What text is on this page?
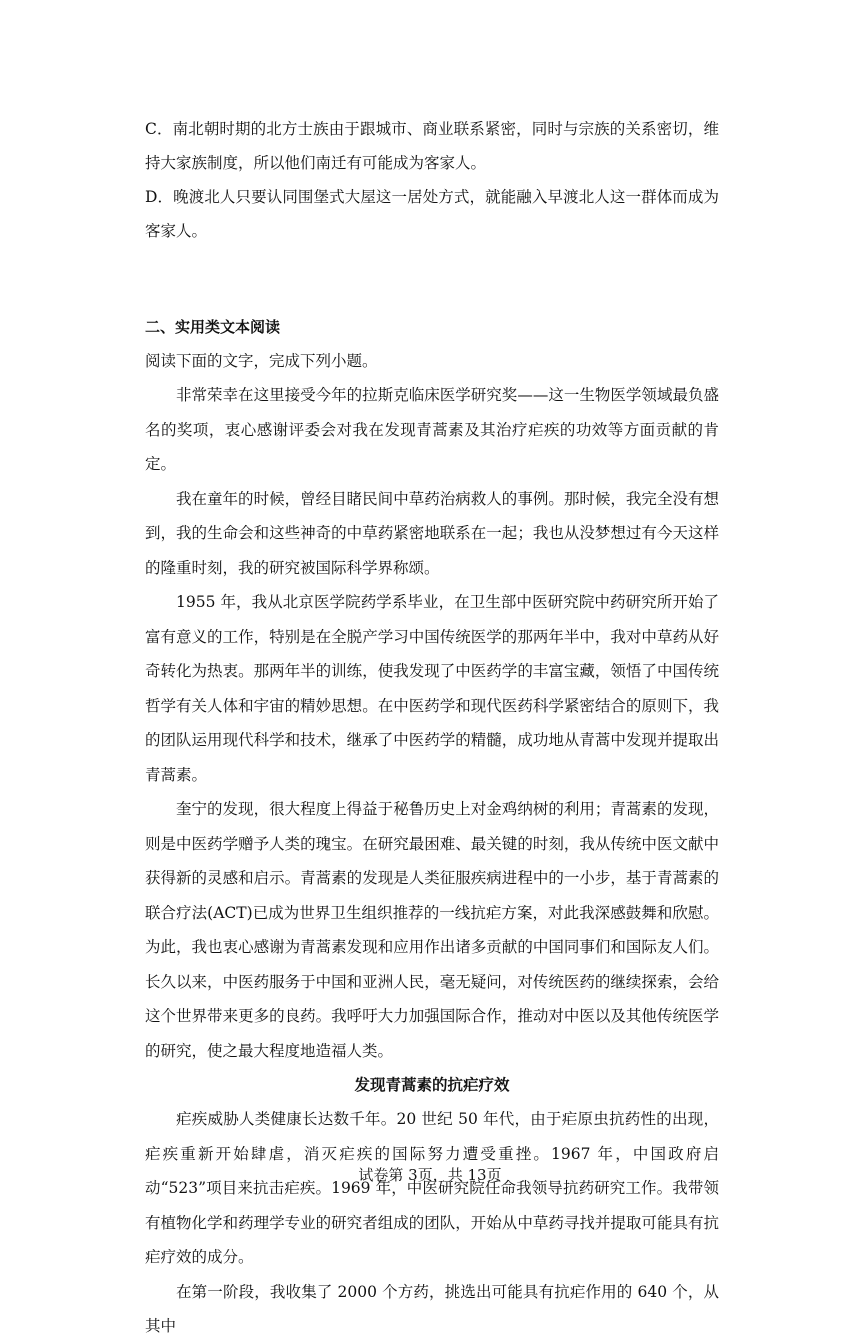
C．南北朝时期的北方士族由于跟城市、商业联系紧密，同时与宗族的关系密切，维持大家族制度，所以他们南迁有可能成为客家人。

D．晚渡北人只要认同围堡式大屋这一居处方式，就能融入早渡北人这一群体而成为客家人。

二、实用类文本阅读

阅读下面的文字，完成下列小题。

非常荣幸在这里接受今年的拉斯克临床医学研究奖——这一生物医学领域最负盛名的奖项，衷心感谢评委会对我在发现青蒿素及其治疗疟疾的功效等方面贡献的肯定。

我在童年的时候，曾经目睹民间中草药治病救人的事例。那时候，我完全没有想到，我的生命会和这些神奇的中草药紧密地联系在一起；我也从没梦想过有今天这样的隆重时刻，我的研究被国际科学界称颂。

1955 年，我从北京医学院药学系毕业，在卫生部中医研究院中药研究所开始了富有意义的工作，特别是在全脱产学习中国传统医学的那两年半中，我对中草药从好奇转化为热衷。那两年半的训练，使我发现了中医药学的丰富宝藏，领悟了中国传统哲学有关人体和宇宙的精妙思想。在中医药学和现代医药科学紧密结合的原则下，我的团队运用现代科学和技术，继承了中医药学的精髓，成功地从青蒿中发现并提取出青蒿素。

奎宁的发现，很大程度上得益于秘鲁历史上对金鸡纳树的利用；青蒿素的发现，则是中医药学赠予人类的瑰宝。在研究最困难、最关键的时刻，我从传统中医文献中获得新的灵感和启示。青蒿素的发现是人类征服疾病进程中的一小步，基于青蒿素的联合疗法(ACT)已成为世界卫生组织推荐的一线抗疟方案，对此我深感鼓舞和欣慰。为此，我也衷心感谢为青蒿素发现和应用作出诸多贡献的中国同事们和国际友人们。长久以来，中医药服务于中国和亚洲人民，毫无疑问，对传统医药的继续探索，会给这个世界带来更多的良药。我呼吁大力加强国际合作，推动对中医以及其他传统医学的研究，使之最大程度地造福人类。

发现青蒿素的抗疟疗效

疟疾威胁人类健康长达数千年。20 世纪 50 年代，由于疟原虫抗药性的出现，疟疾重新开始肆虐，消灭疟疾的国际努力遭受重挫。1967 年，中国政府启动“523”项目来抗击疟疾。1969 年，中医研究院任命我领导抗药研究工作。我带领有植物化学和药理学专业的研究者组成的团队，开始从中草药寻找并提取可能具有抗疟疗效的成分。

在第一阶段，我收集了 2000 个方药，挑选出可能具有抗疟作用的 640 个，从其中

试卷第 3页，共 13页
